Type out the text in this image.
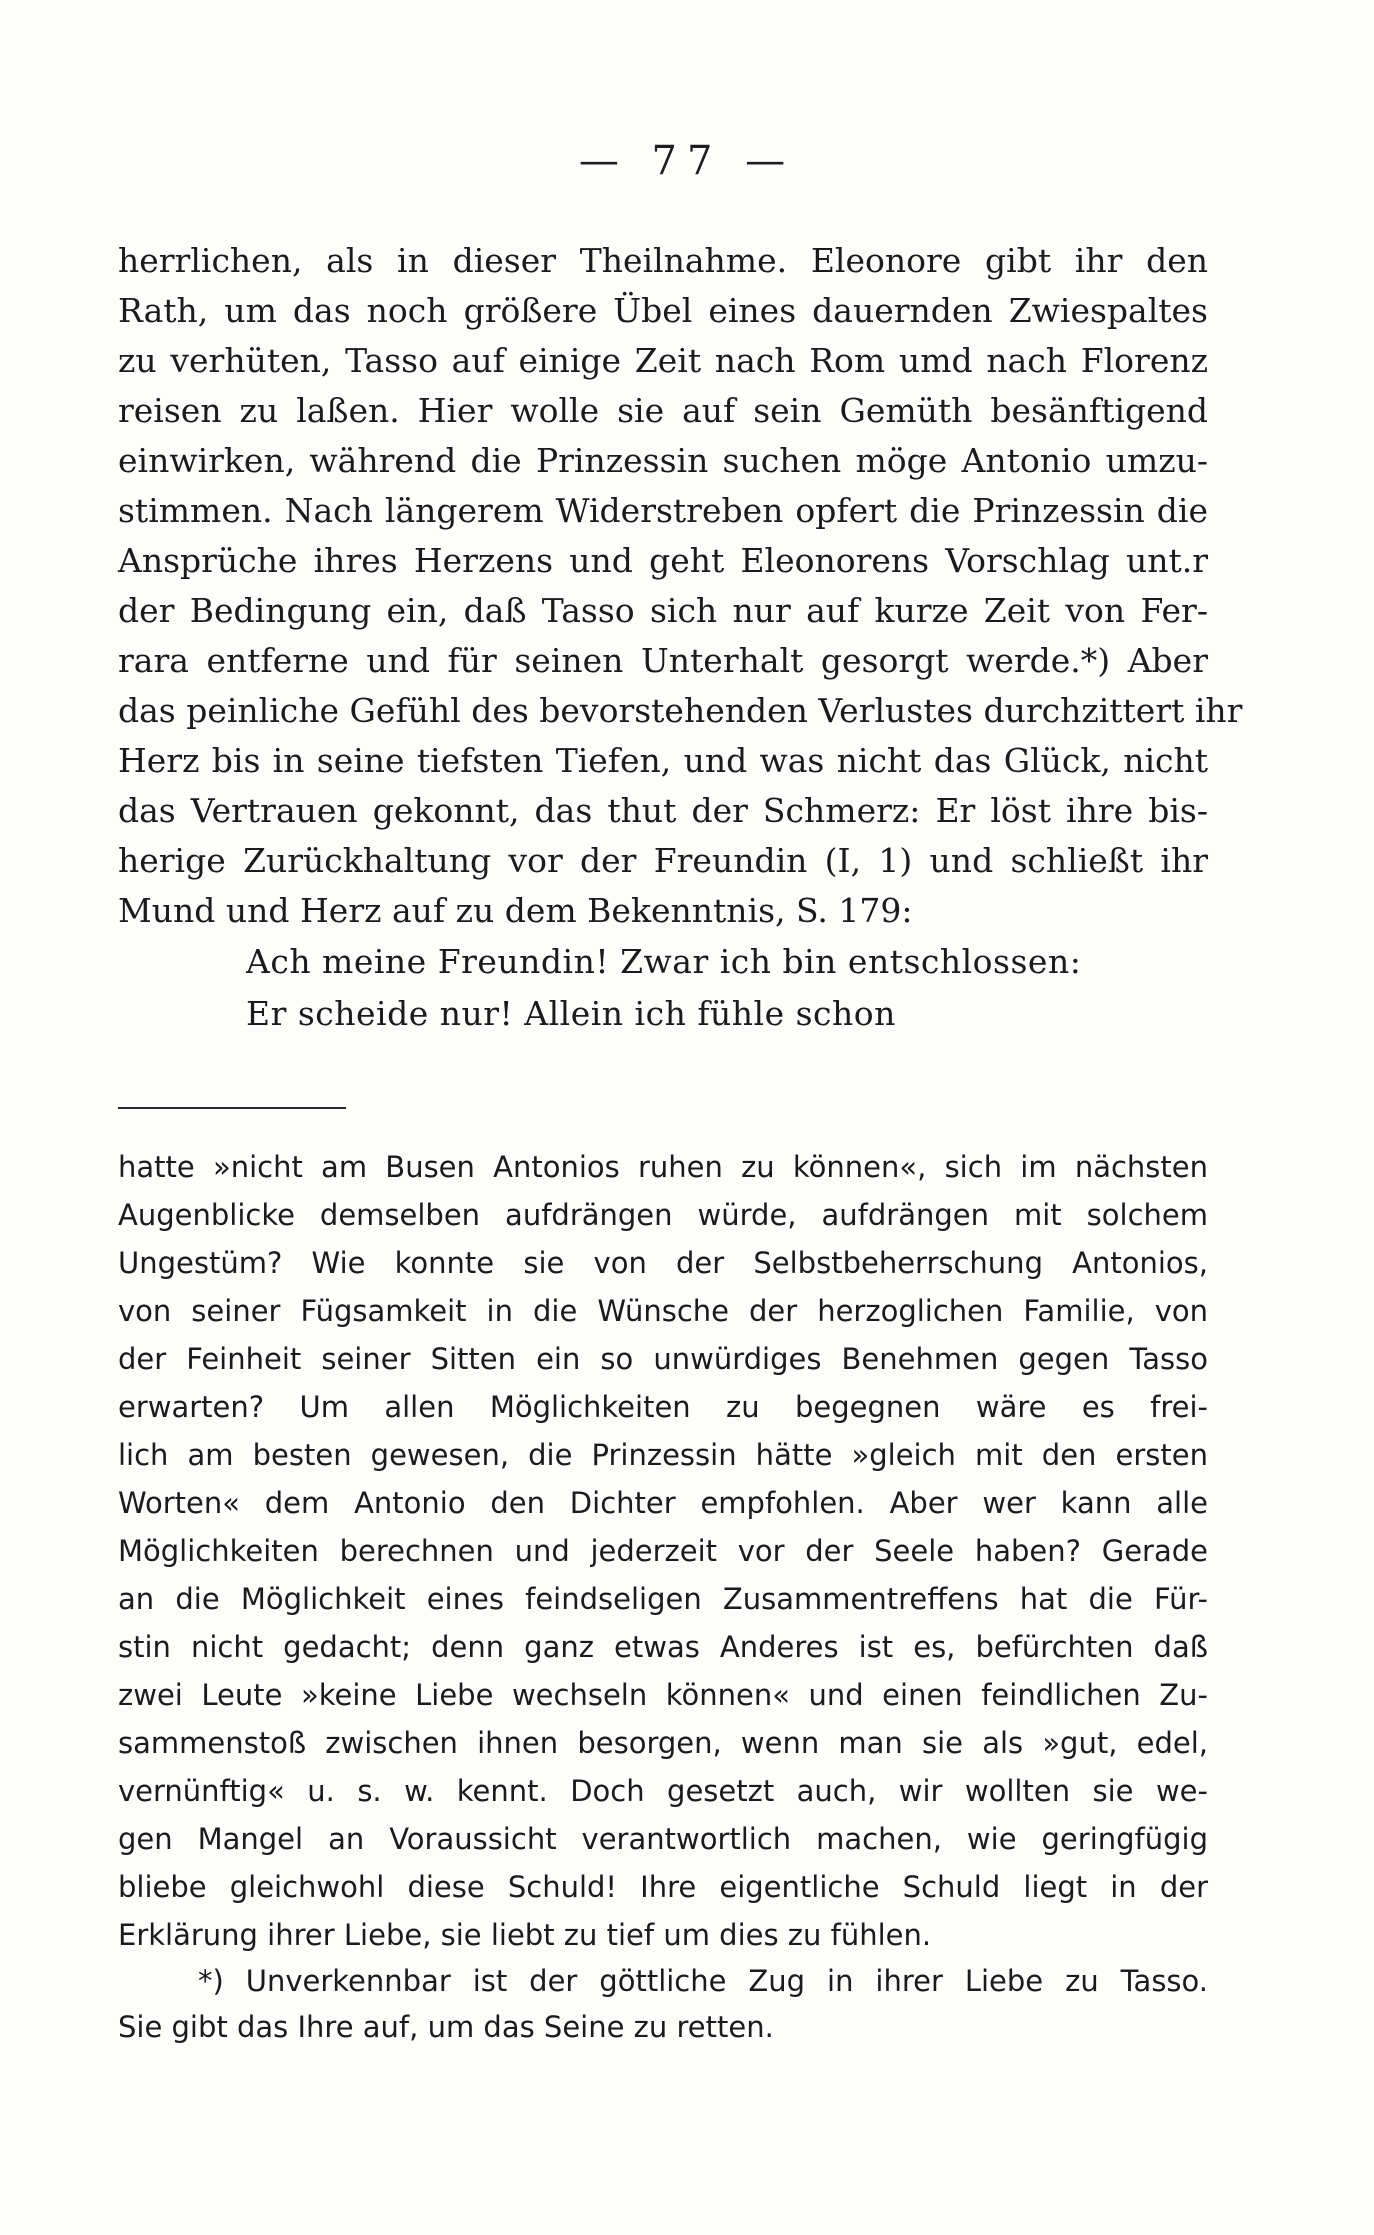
— 77 —
herrlichen, als in dieser Theilnahme. Eleonore gibt ihr den
Rath, um das noch größere Übel eines dauernden Zwiespaltes
zu verhüten, Tasso auf einige Zeit nach Rom umd nach Florenz
reisen zu laßen. Hier wolle sie auf sein Gemüth besänftigend
einwirken, während die Prinzessin suchen möge Antonio umzu-
stimmen. Nach längerem Widerstreben opfert die Prinzessin die
Ansprüche ihres Herzens und geht Eleonorens Vorschlag unt.r
der Bedingung ein, daß Tasso sich nur auf kurze Zeit von Fer-
rara entferne und für seinen Unterhalt gesorgt werde.*) Aber
das peinliche Gefühl des bevorstehenden Verlustes durchzittert ihr
Herz bis in seine tiefsten Tiefen, und was nicht das Glück, nicht
das Vertrauen gekonnt, das thut der Schmerz: Er löst ihre bis-
herige Zurückhaltung vor der Freundin (I, 1) und schließt ihr
Mund und Herz auf zu dem Bekenntnis, S. 179:
Ach meine Freundin! Zwar ich bin entschlossen:
Er scheide nur! Allein ich fühle schon
hatte »nicht am Busen Antonios ruhen zu können«, sich im nächsten
Augenblicke demselben aufdrängen würde, aufdrängen mit solchem
Ungestüm? Wie konnte sie von der Selbstbeherrschung Antonios,
von seiner Fügsamkeit in die Wünsche der herzoglichen Familie, von
der Feinheit seiner Sitten ein so unwürdiges Benehmen gegen Tasso
erwarten? Um allen Möglichkeiten zu begegnen wäre es frei-
lich am besten gewesen, die Prinzessin hätte »gleich mit den ersten
Worten« dem Antonio den Dichter empfohlen. Aber wer kann alle
Möglichkeiten berechnen und jederzeit vor der Seele haben? Gerade
an die Möglichkeit eines feindseligen Zusammentreffens hat die Für-
stin nicht gedacht; denn ganz etwas Anderes ist es, befürchten daß
zwei Leute »keine Liebe wechseln können« und einen feindlichen Zu-
sammenstoß zwischen ihnen besorgen, wenn man sie als »gut, edel,
vernünftig« u. s. w. kennt. Doch gesetzt auch, wir wollten sie we-
gen Mangel an Voraussicht verantwortlich machen, wie geringfügig
bliebe gleichwohl diese Schuld! Ihre eigentliche Schuld liegt in der
Erklärung ihrer Liebe, sie liebt zu tief um dies zu fühlen.
*) Unverkennbar ist der göttliche Zug in ihrer Liebe zu Tasso.
Sie gibt das Ihre auf, um das Seine zu retten.
